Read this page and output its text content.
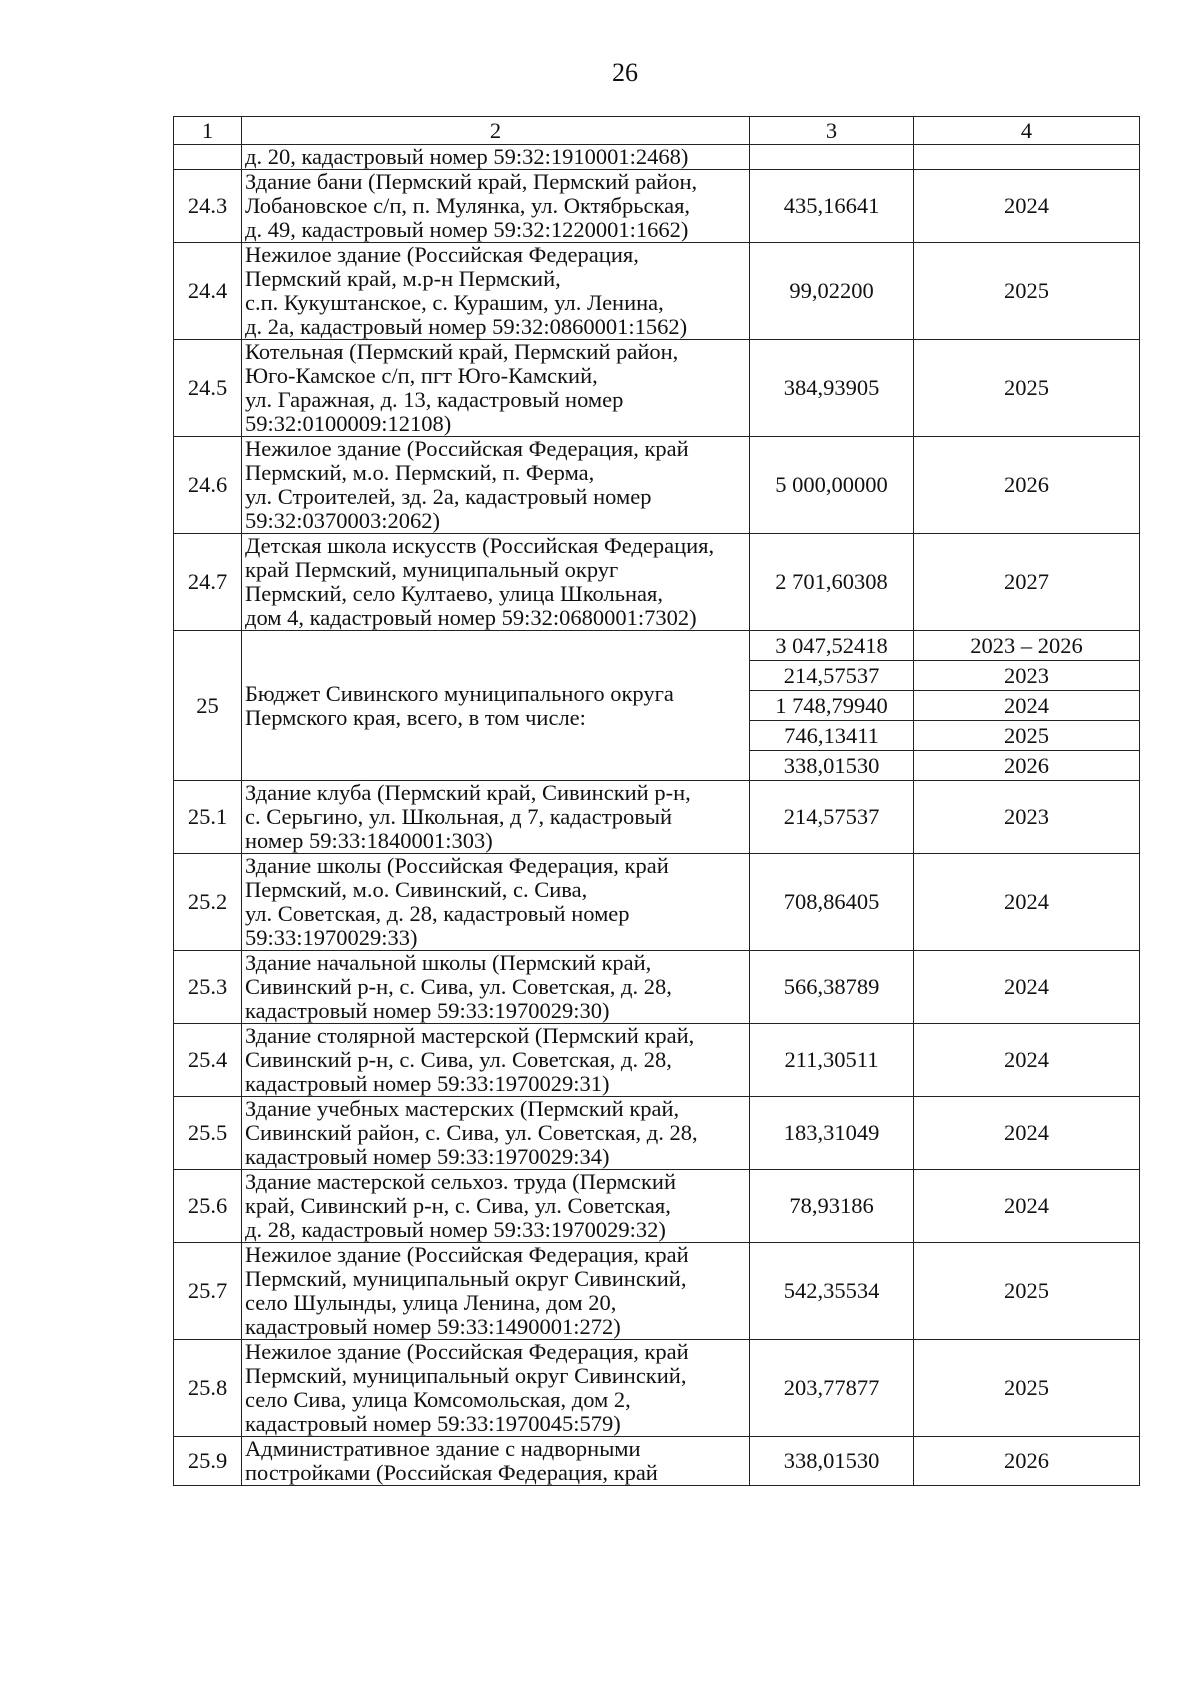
26
1	2	3	4

	д. 20, кадастровый номер 59:32:1910001:2468)		

24.3	Здание бани (Пермский край, Пермский район,
Лобановское с/п, п. Мулянка, ул. Октябрьская,
д. 49, кадастровый номер 59:32:1220001:1662)	435,16641	2024
24.4	Нежилое здание (Российская Федерация,
Пермский край, м.р-н Пермский,
с.п. Кукуштанское, с. Курашим, ул. Ленина,
д. 2а, кадастровый номер 59:32:0860001:1562)	99,02200	2025
24.5	Котельная (Пермский край, Пермский район,
Юго-Камское с/п, пгт Юго-Камский,
ул. Гаражная, д. 13, кадастровый номер
59:32:0100009:12108)	384,93905	2025
24.6	Нежилое здание (Российская Федерация, край
Пермский, м.о. Пермский, п. Ферма,
ул. Строителей, зд. 2а, кадастровый номер
59:32:0370003:2062)	5 000,00000	2026
24.7	Детская школа искусств (Российская Федерация,
край Пермский, муниципальный округ
Пермский, село Култаево, улица Школьная,
дом 4, кадастровый номер 59:32:0680001:7302)	2 701,60308	2027
25	Бюджет Сивинского муниципального округа
Пермского края, всего, в том числе:	3 047,52418	2023 – 2026
		214,57537	2023
		1 748,79940	2024
		746,13411	2025
		338,01530	2026
25.1	Здание клуба (Пермский край, Сивинский р-н,
с. Серьгино, ул. Школьная, д 7, кадастровый
номер 59:33:1840001:303)	214,57537	2023
25.2	Здание школы (Российская Федерация, край
Пермский, м.о. Сивинский, с. Сива,
ул. Советская, д. 28, кадастровый номер
59:33:1970029:33)	708,86405	2024
25.3	Здание начальной школы (Пермский край,
Сивинский р-н, с. Сива, ул. Советская, д. 28,
кадастровый номер 59:33:1970029:30)	566,38789	2024
25.4	Здание столярной мастерской (Пермский край,
Сивинский р-н, с. Сива, ул. Советская, д. 28,
кадастровый номер 59:33:1970029:31)	211,30511	2024
25.5	Здание учебных мастерских (Пермский край,
Сивинский район, с. Сива, ул. Советская, д. 28,
кадастровый номер 59:33:1970029:34)	183,31049	2024
25.6	Здание мастерской сельхоз. труда (Пермский
край, Сивинский р-н, с. Сива, ул. Советская,
д. 28, кадастровый номер 59:33:1970029:32)	78,93186	2024
25.7	Нежилое здание (Российская Федерация, край
Пермский, муниципальный округ Сивинский,
село Шулынды, улица Ленина, дом 20,
кадастровый номер 59:33:1490001:272)	542,35534	2025
25.8	Нежилое здание (Российская Федерация, край
Пермский, муниципальный округ Сивинский,
село Сива, улица Комсомольская, дом 2,
кадастровый номер 59:33:1970045:579)	203,77877	2025
25.9	Административное здание с надворными
постройками (Российская Федерация, край	338,01530	2026
